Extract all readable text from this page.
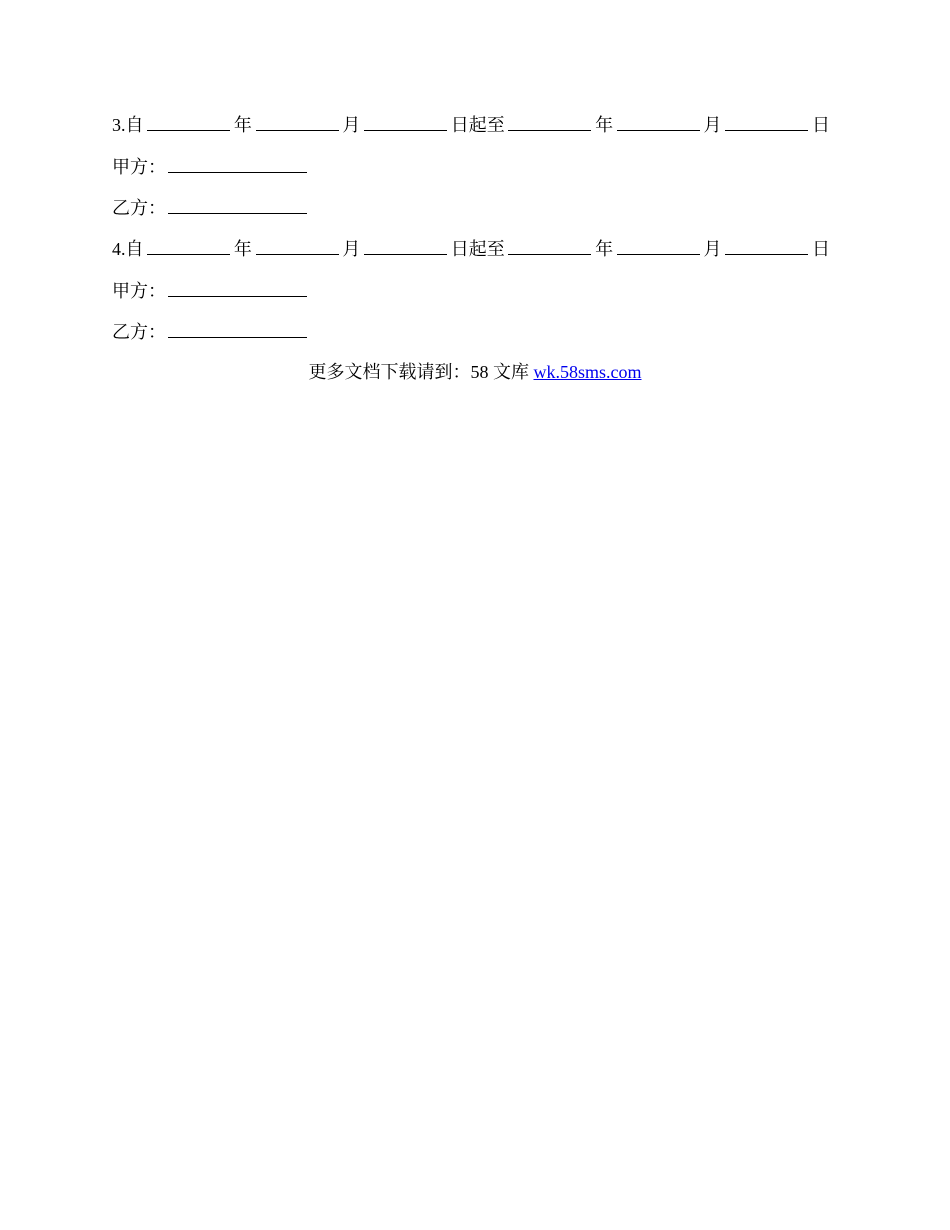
3.自	年	月	日起至	年	月	日
甲方：
乙方：
4.自	年	月	日起至	年	月	日
甲方：
乙方：
更多文档下载请到：58 文库 wk.58sms.com
